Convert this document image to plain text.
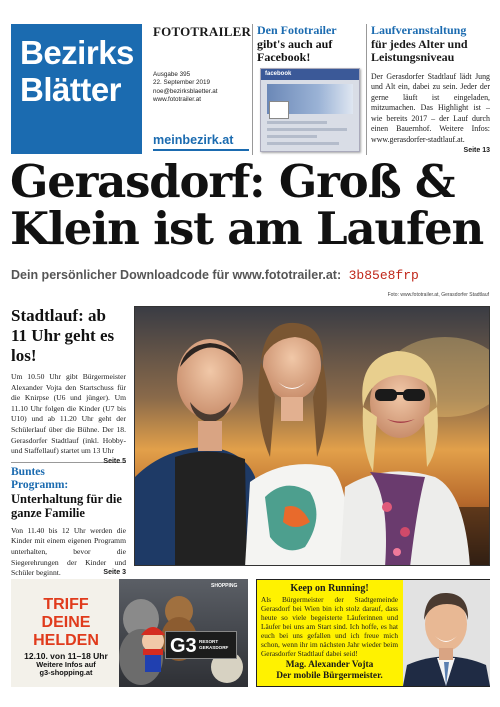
Bezirks
Blätter
FOTOTRAILER
Ausgabe 395
22. September 2019
noe@bezirksblaetter.at
www.fototrailer.at
meinbezirk.at
Den Fototrailer
gibt's auch auf Facebook!
facebook
Laufveranstaltung
für jedes Alter und Leistungsniveau
Der Gerasdorfer Stadtlauf lädt Jung und Alt ein, dabei zu sein. Jeder der gerne läuft ist eingeladen, mitzumachen. Das Highlight ist – wie bereits 2017 – der Lauf durch einen Bauernhof. Weitere Infos: www.gerasdorfer-stadtlauf.at.
Seite 13
Gerasdorf: Groß &
Klein ist am Laufen
Dein persönlicher Downloadcode für www.fototrailer.at: 3b85e8frp
Foto: www.fototrailer.at, Gerasdorfer Stadtlauf
Stadtlauf: ab 11 Uhr geht es los!
Um 10.50 Uhr gibt Bürgermeister Alexander Vojta den Startschuss für die Knirpse (U6 und jünger). Um 11.10 Uhr folgen die Kinder (U7 bis U10) und ab 11.20 Uhr geht der Schülerlauf über die Bühne. Der 18. Gerasdorfer Stadtlauf (inkl. Hobby- und Staffellauf) startet um 13 Uhr
Seite 5
Buntes Programm:
Unterhaltung für die ganze Familie
Von 11.40 bis 12 Uhr werden die Kinder mit einem eigenen Programm unterhalten, bevor die Siegerehrungen der Kinder und Schüler beginnt.	Seite 3
TRIFF
DEINE
HELDEN
12.10. von 11–18 Uhr
Weitere Infos auf
g3-shopping.at
SHOPPING
G3 RESORT
GERASDORF
Keep on Running!
Als Bürgermeister der Stadtgemeinde Gerasdorf bei Wien bin ich stolz darauf, dass heute so viele begeisterte Läuferinnen und Läufer bei uns am Start sind. Ich hoffe, es hat euch bei uns gefallen und ich freue mich schon, wenn ihr im nächsten Jahr wieder beim Gerasdorfer Stadtlauf dabei seid!
Mag. Alexander Vojta
Der mobile Bürgermeister.
